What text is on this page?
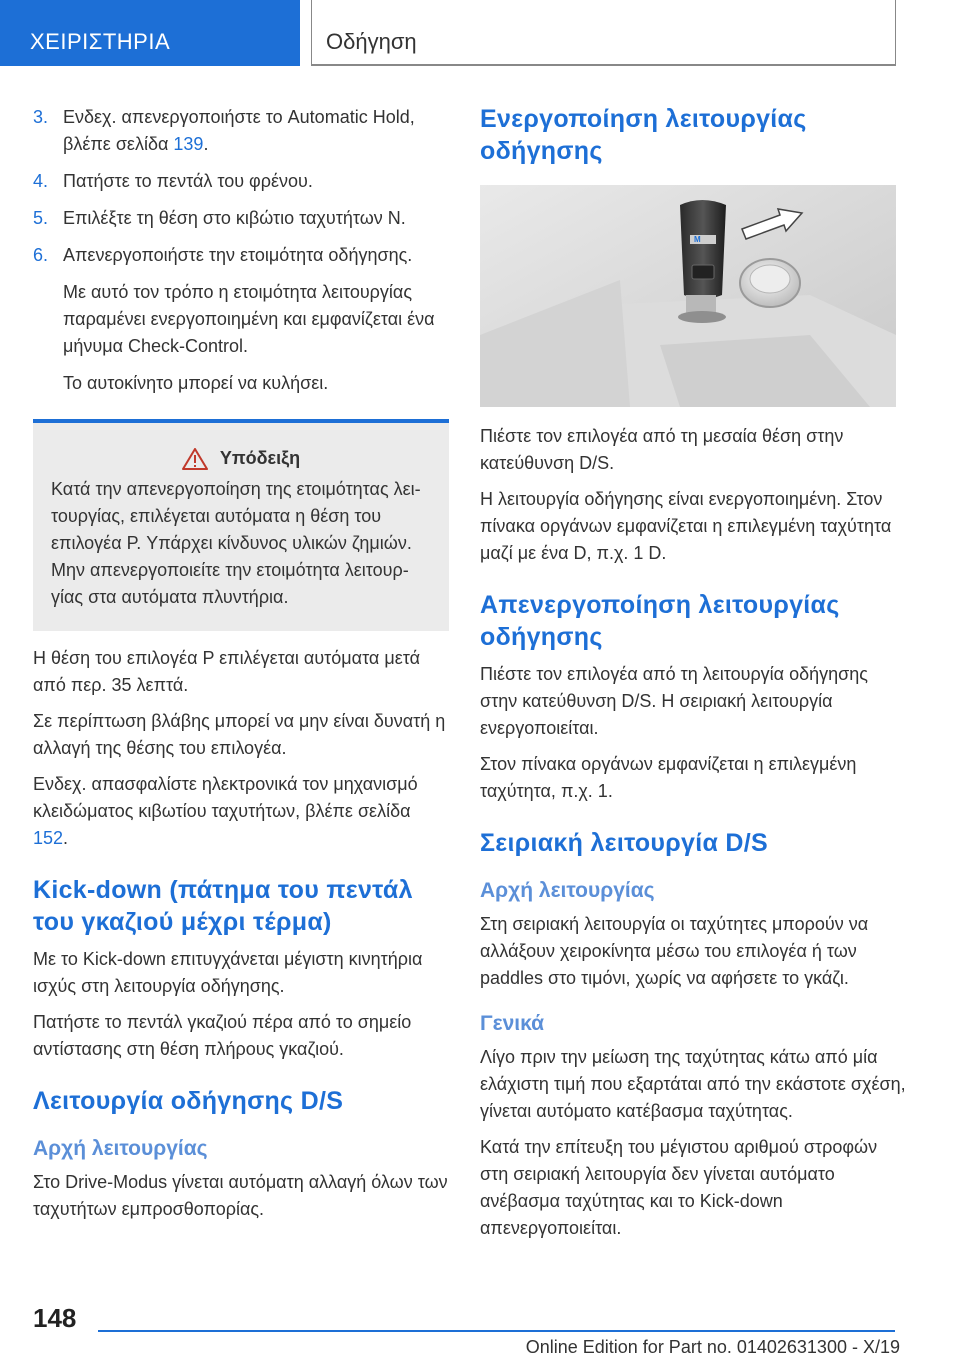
ΧΕΙΡΙΣΤΗΡΙΑ	Οδήγηση
3. Ενδεχ. απενεργοποιήστε το Automatic Hold, βλέπε σελίδα 139.
4. Πατήστε το πεντάλ του φρένου.
5. Επιλέξτε τη θέση στο κιβώτιο ταχυτήτων N.
6. Απενεργοποιήστε την ετοιμότητα οδήγησης.

Με αυτό τον τρόπο η ετοιμότητα λειτουργίας παραμένει ενεργοποιημένη και εμφανίζεται ένα μήνυμα Check-Control.

Το αυτοκίνητο μπορεί να κυλήσει.

Υπόδειξη

Κατά την απενεργοποίηση της ετοιμότητας λειτουργίας, επιλέγεται αυτόματα η θέση του επιλογέα P. Υπάρχει κίνδυνος υλικών ζημιών. Μην απενεργοποιείτε την ετοιμότητα λειτουργίας στα αυτόματα πλυντήρια.

Η θέση του επιλογέα P επιλέγεται αυτόματα μετά από περ. 35 λεπτά.

Σε περίπτωση βλάβης μπορεί να μην είναι δυνατή η αλλαγή της θέσης του επιλογέα.

Ενδεχ. απασφαλίστε ηλεκτρονικά τον μηχανισμό κλειδώματος κιβωτίου ταχυτήτων, βλέπε σελίδα 152.

Kick-down (πάτημα του πεντάλ του γκαζιού μέχρι τέρμα)

Με το Kick-down επιτυγχάνεται μέγιστη κινητήρια ισχύς στη λειτουργία οδήγησης.

Πατήστε το πεντάλ γκαζιού πέρα από το σημείο αντίστασης στη θέση πλήρους γκαζιού.

Λειτουργία οδήγησης D/S
Αρχή λειτουργίας

Στο Drive-Modus γίνεται αυτόματη αλλαγή όλων των ταχυτήτων εμπροσθοπορίας.

Ενεργοποίηση λειτουργίας οδήγησης
M

Πιέστε τον επιλογέα από τη μεσαία θέση στην κατεύθυνση D/S.

Η λειτουργία οδήγησης είναι ενεργοποιημένη. Στον πίνακα οργάνων εμφανίζεται η επιλεγμένη ταχύτητα μαζί με ένα D, π.χ. 1 D.

Απενεργοποίηση λειτουργίας οδήγησης

Πιέστε τον επιλογέα από τη λειτουργία οδήγησης στην κατεύθυνση D/S. Η σειριακή λειτουργία ενεργοποιείται.

Στον πίνακα οργάνων εμφανίζεται η επιλεγμένη ταχύτητα, π.χ. 1.

Σειριακή λειτουργία D/S
Αρχή λειτουργίας

Στη σειριακή λειτουργία οι ταχύτητες μπορούν να αλλάξουν χειροκίνητα μέσω του επιλογέα ή των paddles στο τιμόνι, χωρίς να αφήσετε το γκάζι.

Γενικά

Λίγο πριν την μείωση της ταχύτητας κάτω από μία ελάχιστη τιμή που εξαρτάται από την εκάστοτε σχέση, γίνεται αυτόματο κατέβασμα ταχύτητας.

Κατά την επίτευξη του μέγιστου αριθμού στροφών στη σειριακή λειτουργία δεν γίνεται αυτόματο ανέβασμα ταχύτητας και το Kick-down απενεργοποιείται.

148
Online Edition for Part no. 01402631300 - X/19
